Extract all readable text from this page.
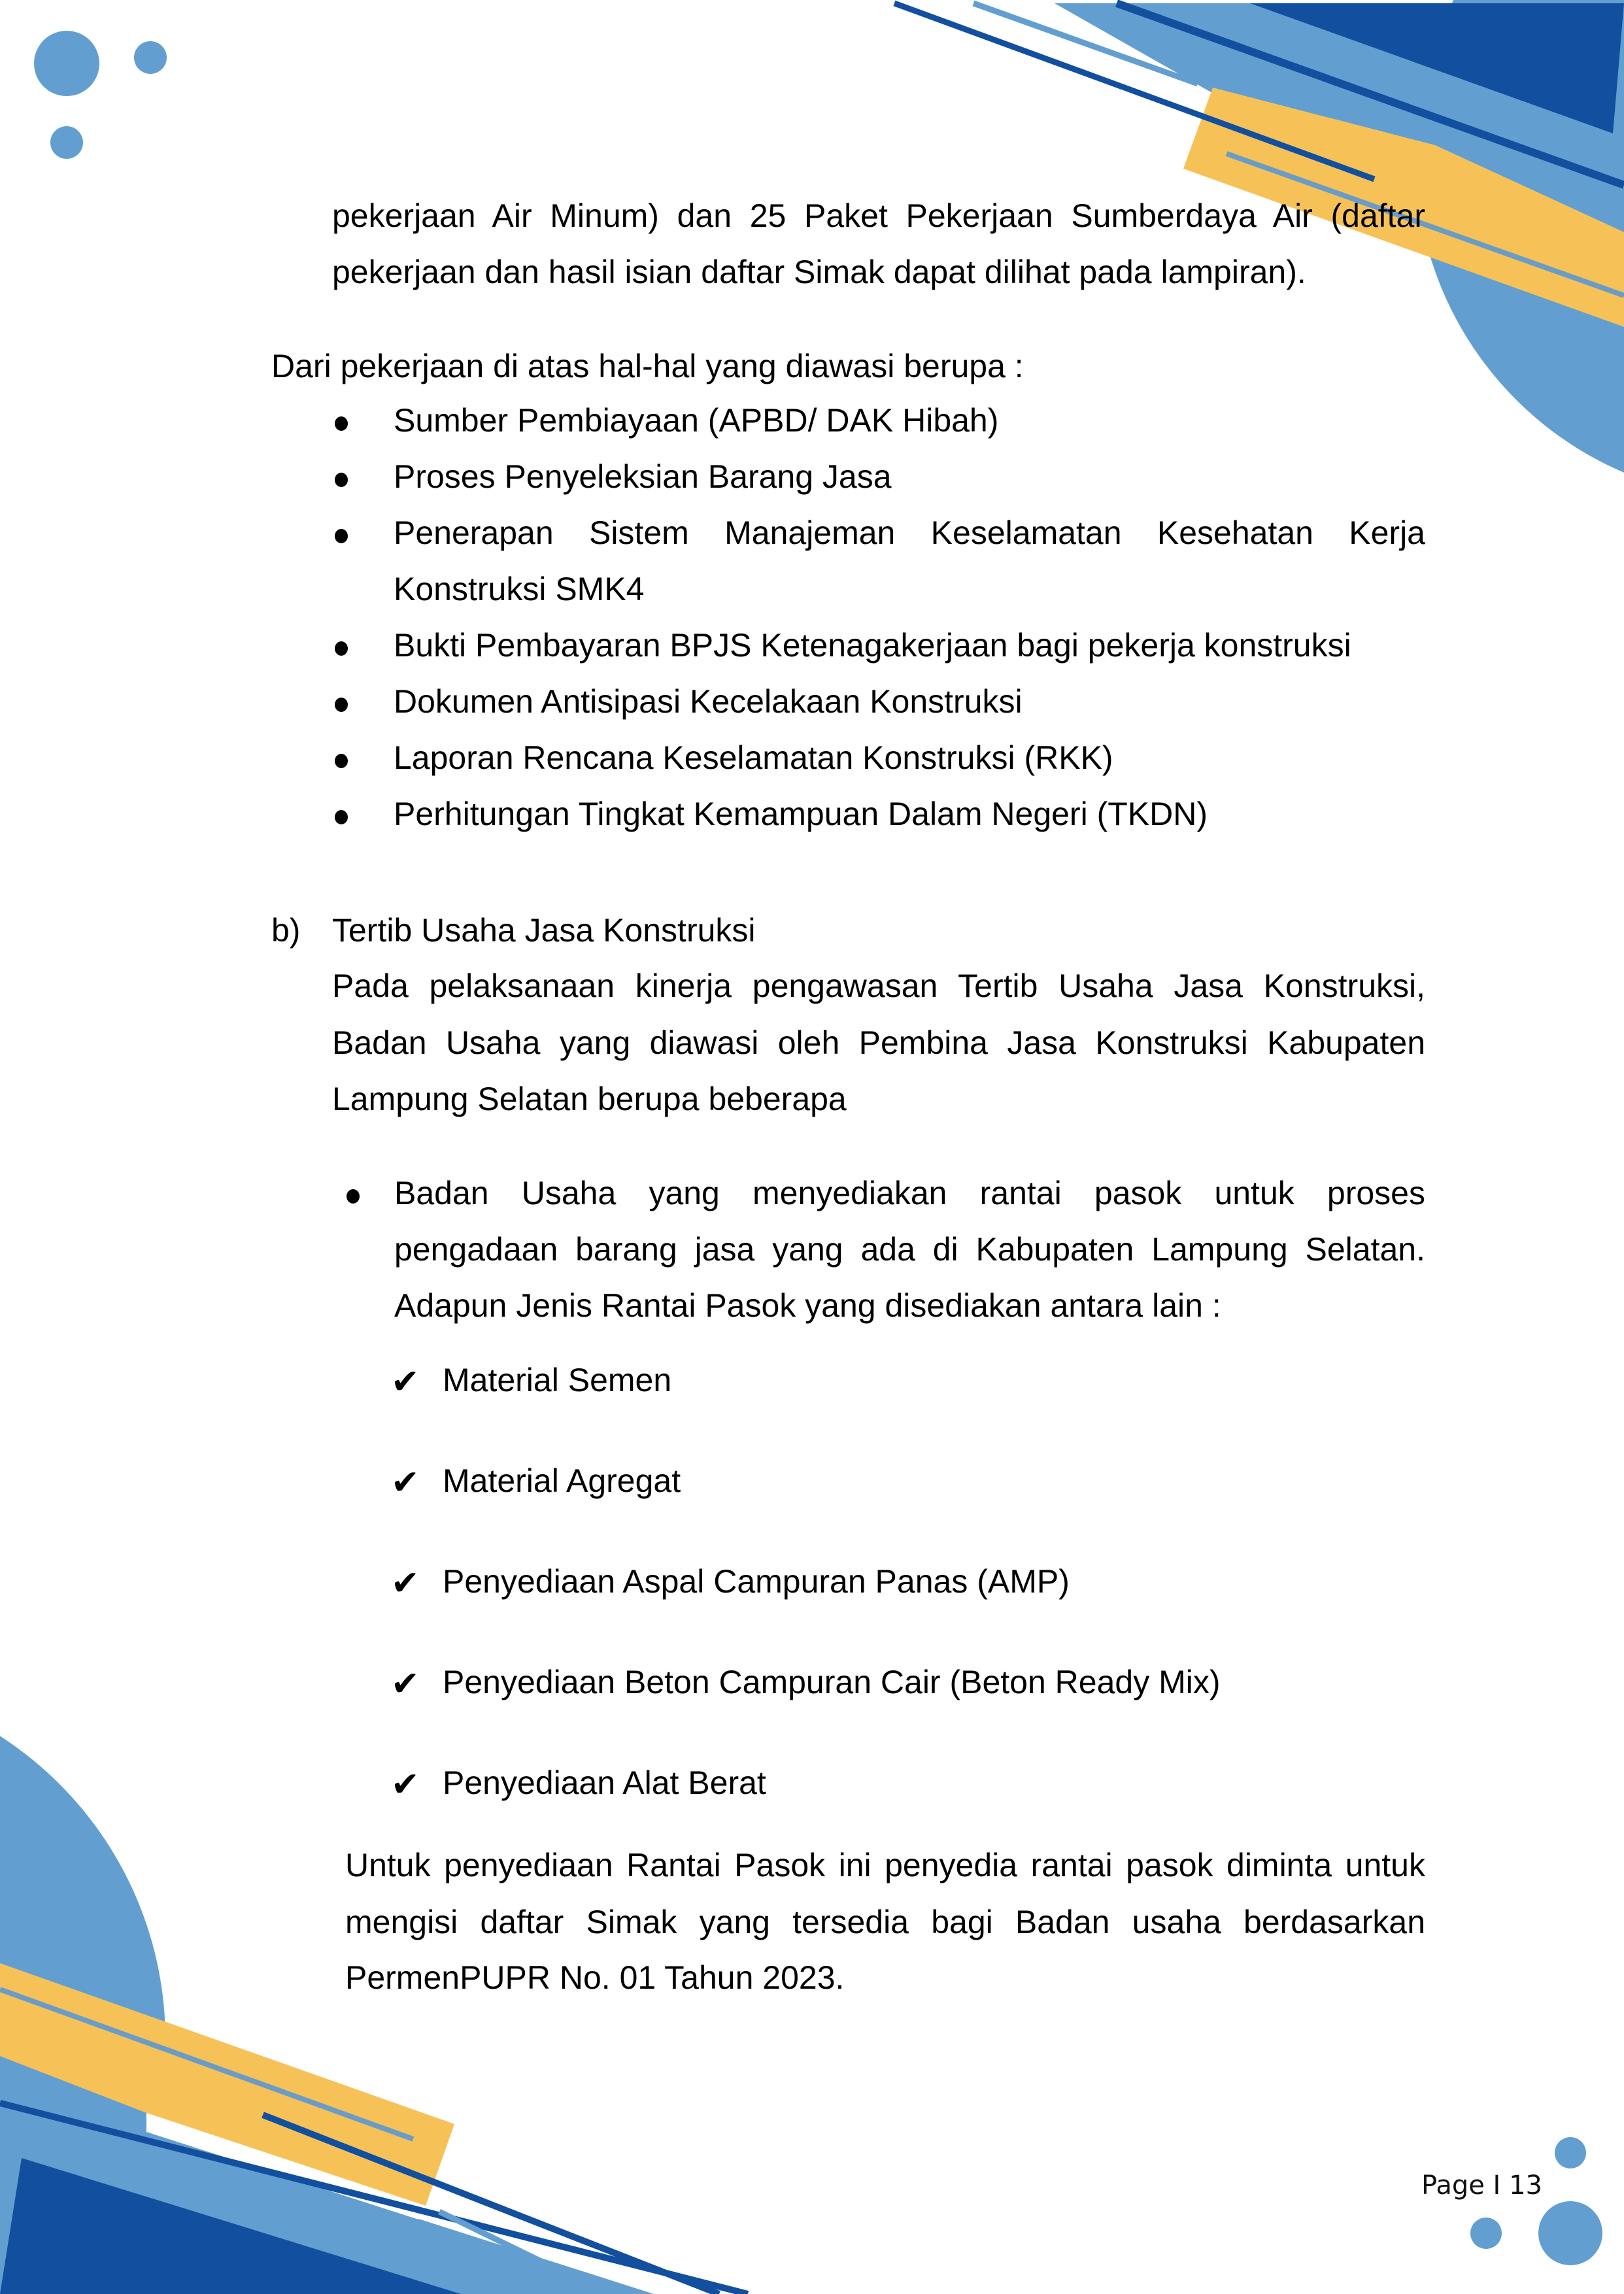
pekerjaan Air Minum) dan 25 Paket Pekerjaan Sumberdaya Air (daftar
pekerjaan dan hasil isian daftar Simak dapat dilihat pada lampiran).
Dari pekerjaan di atas hal-hal yang diawasi berupa :
Sumber Pembiayaan (APBD/ DAK Hibah)
Proses Penyeleksian Barang Jasa
Penerapan Sistem Manajeman Keselamatan Kesehatan Kerja
Konstruksi SMK4
Bukti Pembayaran BPJS Ketenagakerjaan bagi pekerja konstruksi
Dokumen Antisipasi Kecelakaan Konstruksi
Laporan Rencana Keselamatan Konstruksi (RKK)
Perhitungan Tingkat Kemampuan Dalam Negeri (TKDN)
b) Tertib Usaha Jasa Konstruksi
Pada pelaksanaan kinerja pengawasan Tertib Usaha Jasa Konstruksi,
Badan Usaha yang diawasi oleh Pembina Jasa Konstruksi Kabupaten
Lampung Selatan berupa beberapa
Badan Usaha yang menyediakan rantai pasok untuk proses
pengadaan barang jasa yang ada di Kabupaten Lampung Selatan.
Adapun Jenis Rantai Pasok yang disediakan antara lain :
✔ Material Semen
✔ Material Agregat
✔ Penyediaan Aspal Campuran Panas (AMP)
✔ Penyediaan Beton Campuran Cair (Beton Ready Mix)
✔ Penyediaan Alat Berat
Untuk penyediaan Rantai Pasok ini penyedia rantai pasok diminta untuk
mengisi daftar Simak yang tersedia bagi Badan usaha berdasarkan
PermenPUPR No. 01 Tahun 2023.
Page I 13
